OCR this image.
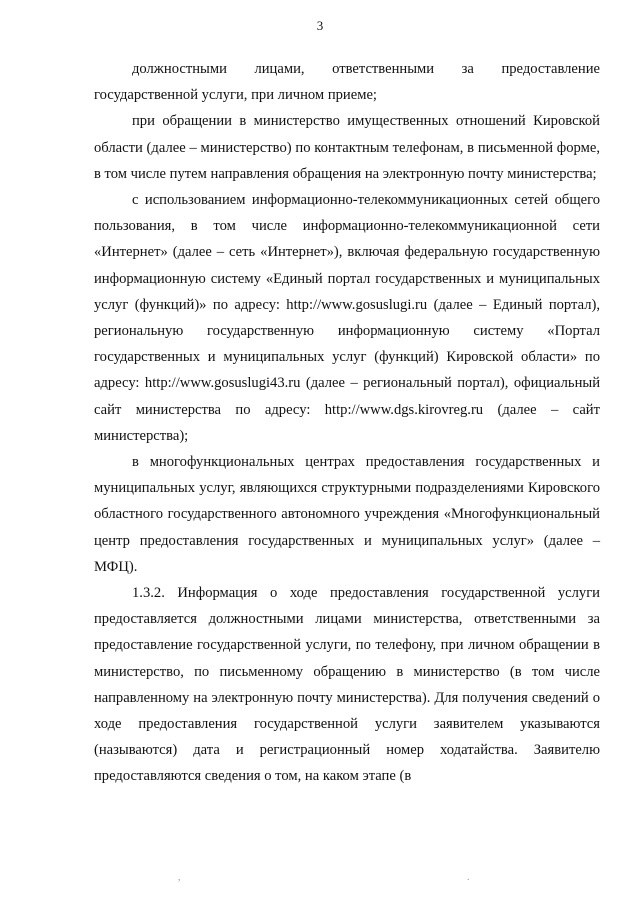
3

должностными лицами, ответственными за предоставление государственной услуги, при личном приеме;

при обращении в министерство имущественных отношений Кировской области (далее – министерство) по контактным телефонам, в письменной форме, в том числе путем направления обращения на электронную почту министерства;

с использованием информационно-телекоммуникационных сетей общего пользования, в том числе информационно-телекоммуникационной сети «Интернет» (далее – сеть «Интернет»), включая федеральную государственную информационную систему «Единый портал государственных и муниципальных услуг (функций)» по адресу: http://www.gosuslugi.ru (далее – Единый портал), региональную государственную информационную систему «Портал государственных и муниципальных услуг (функций) Кировской области» по адресу: http://www.gosuslugi43.ru (далее – региональный портал), официальный сайт министерства по адресу: http://www.dgs.kirovreg.ru (далее – сайт министерства);

в многофункциональных центрах предоставления государственных и муниципальных услуг, являющихся структурными подразделениями Кировского областного государственного автономного учреждения «Многофункциональный центр предоставления государственных и муниципальных услуг» (далее – МФЦ).

1.3.2. Информация о ходе предоставления государственной услуги предоставляется должностными лицами министерства, ответственными за предоставление государственной услуги, по телефону, при личном обращении в министерство, по письменному обращению в министерство (в том числе направленному на электронную почту министерства). Для получения сведений о ходе предоставления государственной услуги заявителем указываются (называются) дата и регистрационный номер ходатайства. Заявителю предоставляются сведения о том, на каком этапе (в

,	.
